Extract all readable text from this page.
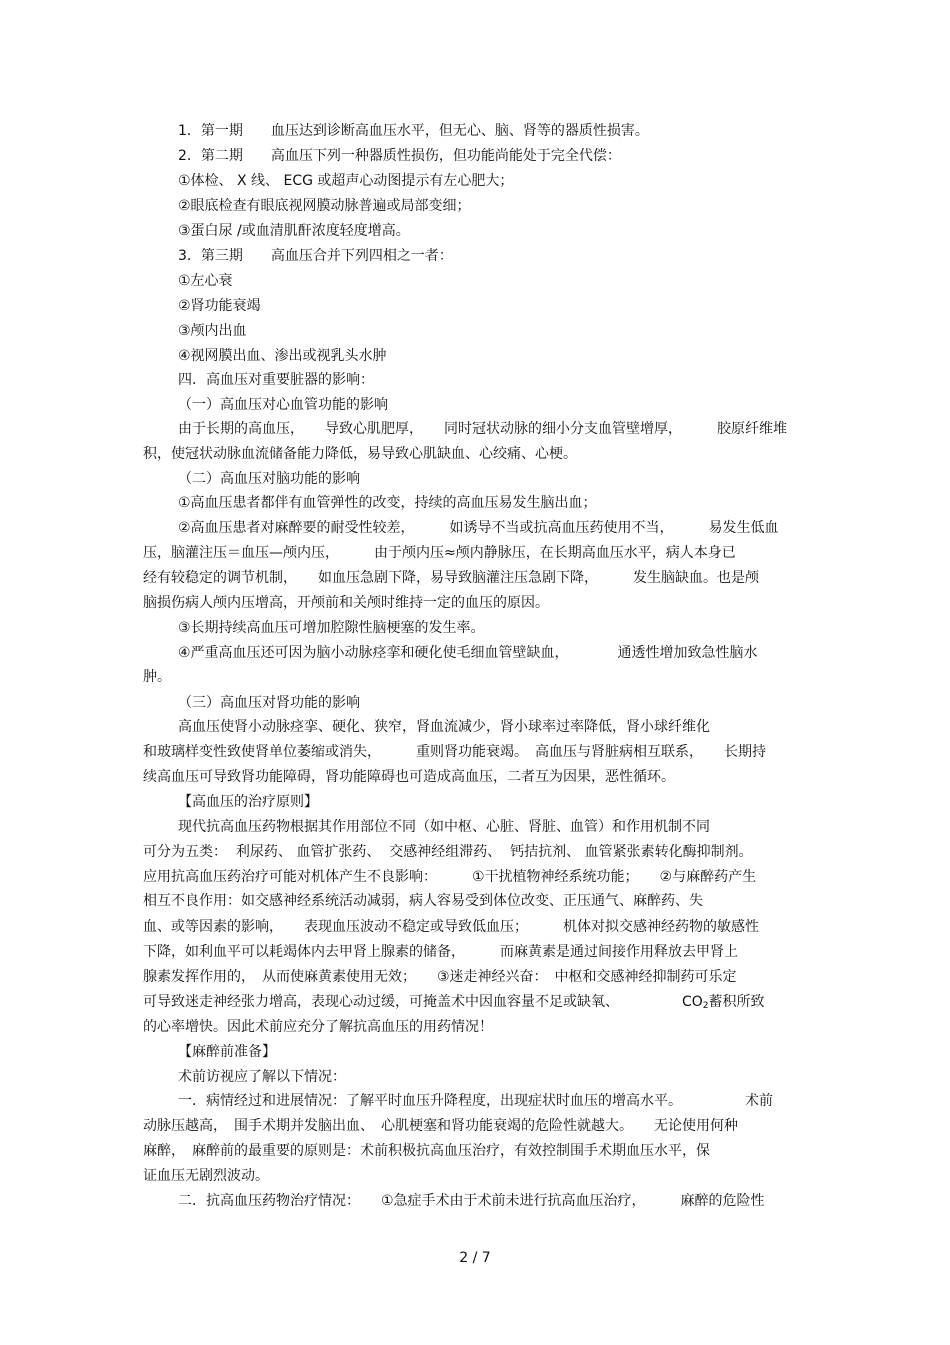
1．第一期　　血压达到诊断高血压水平，但无心、脑、肾等的器质性损害。

2．第二期　　高血压下列一种器质性损伤，但功能尚能处于完全代偿：

①体检、 X 线、 ECG 或超声心动图提示有左心肥大；

②眼底检查有眼底视网膜动脉普遍或局部变细；

③蛋白尿 /或血清肌酐浓度轻度增高。

3．第三期　　高血压合并下列四相之一者：

①左心衰

②肾功能衰竭

③颅内出血

④视网膜出血、渗出或视乳头水肿

四．高血压对重要脏器的影响：

（一）高血压对心血管功能的影响

由于长期的高血压，　　导致心肌肥厚，　　同时冠状动脉的细小分支血管壁增厚，　　　胶原纤维堆

积，使冠状动脉血流储备能力降低，易导致心肌缺血、心绞痛、心梗。

（二）高血压对脑功能的影响

①高血压患者都伴有血管弹性的改变，持续的高血压易发生脑出血；

②高血压患者对麻醉要的耐受性较差，　　　如诱导不当或抗高血压药使用不当，　　　易发生低血

压，脑灌注压＝血压—颅内压，　　　由于颅内压≈颅内静脉压，在长期高血压水平，病人本身已

经有较稳定的调节机制，　　如血压急剧下降，易导致脑灌注压急剧下降，　　　发生脑缺血。也是颅

脑损伤病人颅内压增高，开颅前和关颅时维持一定的血压的原因。

③长期持续高血压可增加腔隙性脑梗塞的发生率。

④严重高血压还可因为脑小动脉痉挛和硬化使毛细血管壁缺血，　　　　通透性增加致急性脑水

肿。

（三）高血压对肾功能的影响

高血压使肾小动脉痉挛、硬化、狭窄，肾血流减少，肾小球率过率降低，肾小球纤维化

和玻璃样变性致使肾单位萎缩或消失，　　　重则肾功能衰竭。　高血压与肾脏病相互联系，　　长期持

续高血压可导致肾功能障碍，肾功能障碍也可造成高血压，二者互为因果，恶性循环。

【高血压的治疗原则】

现代抗高血压药物根据其作用部位不同（如中枢、心脏、肾脏、血管）和作用机制不同

可分为五类：  利尿药、 血管扩张药、  交感神经组滞药、  钙拮抗剂、 血管紧张素转化酶抑制剂。

应用抗高血压药治疗可能对机体产生不良影响：　　　①干扰植物神经系统功能；　　②与麻醉药产生

相互不良作用：如交感神经系统活动减弱，病人容易受到体位改变、正压通气、麻醉药、失

血、或等因素的影响，　　表现血压波动不稳定或导致低血压；　　　机体对拟交感神经药物的敏感性

下降，如利血平可以耗竭体内去甲肾上腺素的储备，　　　而麻黄素是通过间接作用释放去甲肾上

腺素发挥作用的，　从而使麻黄素使用无效；　　③迷走神经兴奋：　中枢和交感神经抑制药可乐定

可导致迷走神经张力增高，表现心动过缓，可掩盖术中因血容量不足或缺氧、　　　　　$CO_2$蓄积所致

的心率增快。因此术前应充分了解抗高血压的用药情况！

【麻醉前准备】

术前访视应了解以下情况：

一．病情经过和进展情况：了解平时血压升降程度，出现症状时血压的增高水平。　　　　　术前

动脉压越高，　围手术期并发脑出血、　心肌梗塞和肾功能衰竭的危险性就越大。　　无论使用何种

麻醉，　麻醉前的最重要的原则是：术前积极抗高血压治疗，有效控制围手术期血压水平，保

证血压无剧烈波动。

二．抗高血压药物治疗情况：　　①急症手术由于术前未进行抗高血压治疗，　　　麻醉的危险性

2 / 7
